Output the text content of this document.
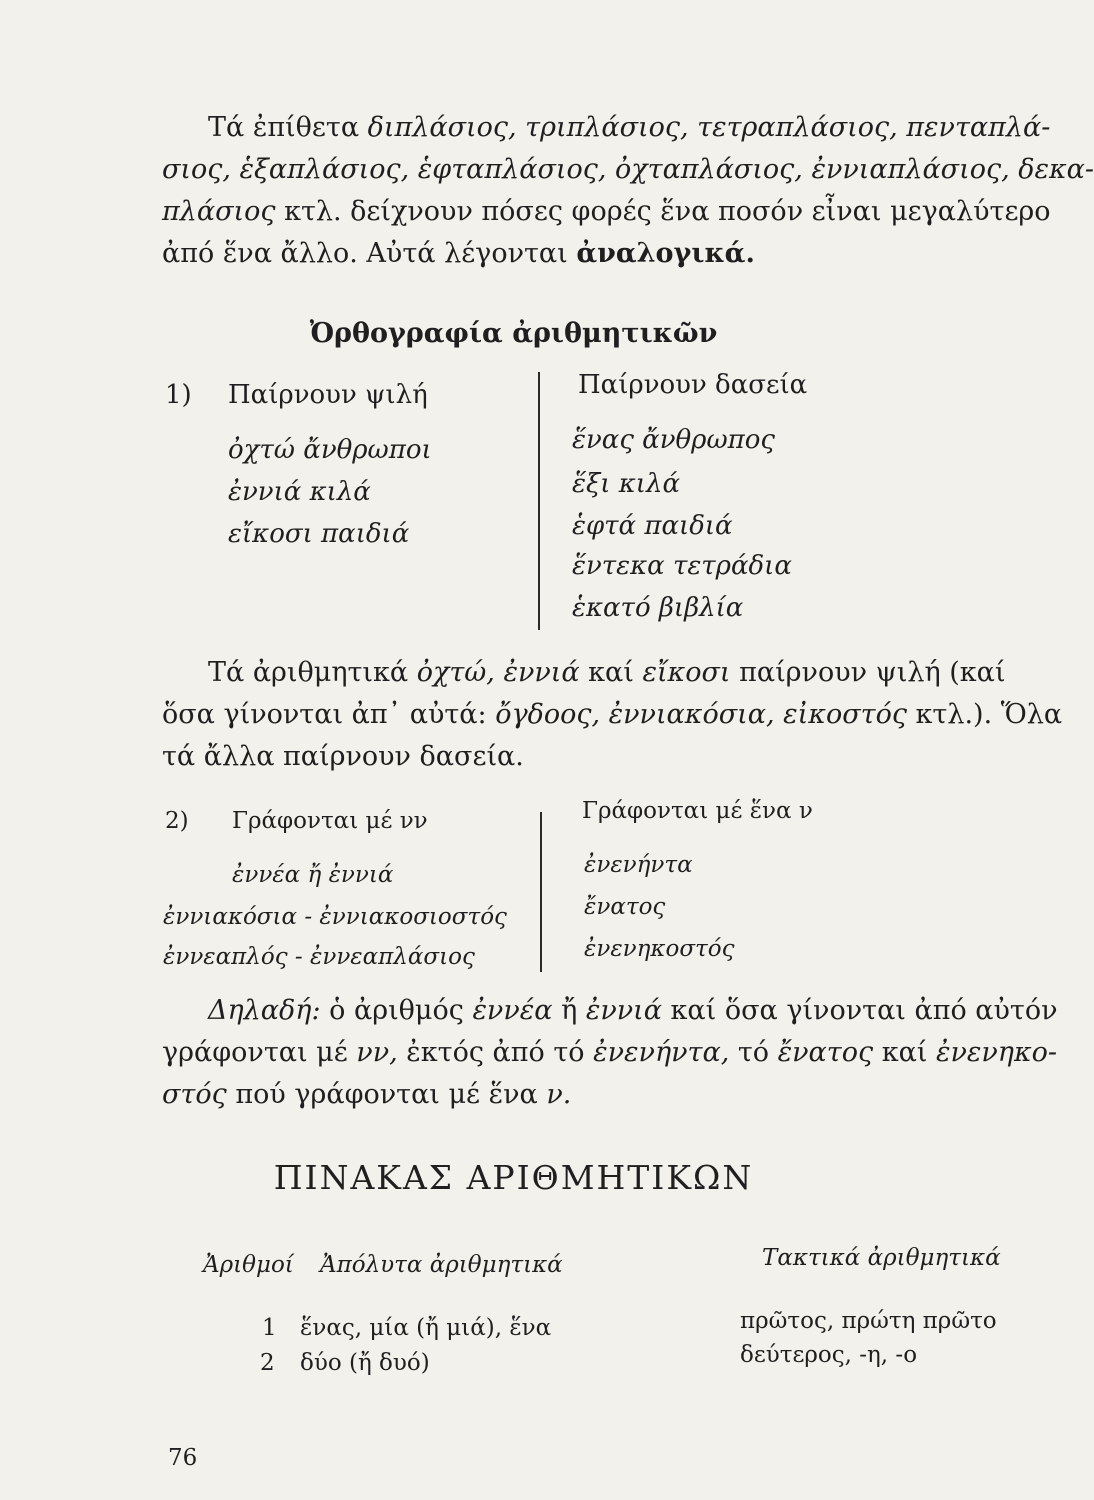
Τά ἐπίθετα διπλάσιος, τριπλάσιος, τετραπλάσιος, πενταπλά-
σιος, ἑξαπλάσιος, ἑφταπλάσιος, ὀχταπλάσιος, ἐννιαπλάσιος, δεκα-
πλάσιος κτλ. δείχνουν πόσες φορές ἕνα ποσόν εἶναι μεγαλύτερο
ἀπό ἕνα ἄλλο. Αὐτά λέγονται ἀναλογικά.
Ὀρθογραφία ἀριθμητικῶν
1) Παίρνουν ψιλή	Παίρνουν δασεία
ὀχτώ ἄνθρωποι
ἐννιά κιλά
εἴκοσι παιδιά
ἕνας ἄνθρωπος
ἕξι κιλά
ἑφτά παιδιά
ἕντεκα τετράδια
ἑκατό βιβλία
Τά ἀριθμητικά ὀχτώ, ἐννιά καί εἴκοσι παίρνουν ψιλή (καί
ὅσα γίνονται ἀπ᾽ αὐτά: ὄγδοος, ἐννιακόσια, εἰκοστός κτλ.). Ὅλα
τά ἄλλα παίρνουν δασεία.
2) Γράφονται μέ νν	Γράφονται μέ ἕνα ν
ἐννέα ἤ ἐννιά
ἐννιακόσια - ἐννιακοσιοστός
ἐννεαπλός - ἐννεαπλάσιος
ἐνενήντα
ἔνατος
ἐνενηκοστός
Δηλαδή: ὁ ἀριθμός ἐννέα ἤ ἐννιά καί ὅσα γίνονται ἀπό αὐτόν
γράφονται μέ νν, ἐκτός ἀπό τό ἐνενήντα, τό ἔνατος καί ἐνενηκο-
στός πού γράφονται μέ ἕνα ν.
ΠΙΝΑΚΑΣ ΑΡΙΘΜΗΤΙΚΩΝ
Ἀριθμοί Ἀπόλυτα ἀριθμητικά	Τακτικά ἀριθμητικά
1 ἕνας, μία (ἤ μιά), ἕνα	πρῶτος, πρώτη πρῶτο
2 δύο (ἤ δυό)	δεύτερος, -η, -ο
76
